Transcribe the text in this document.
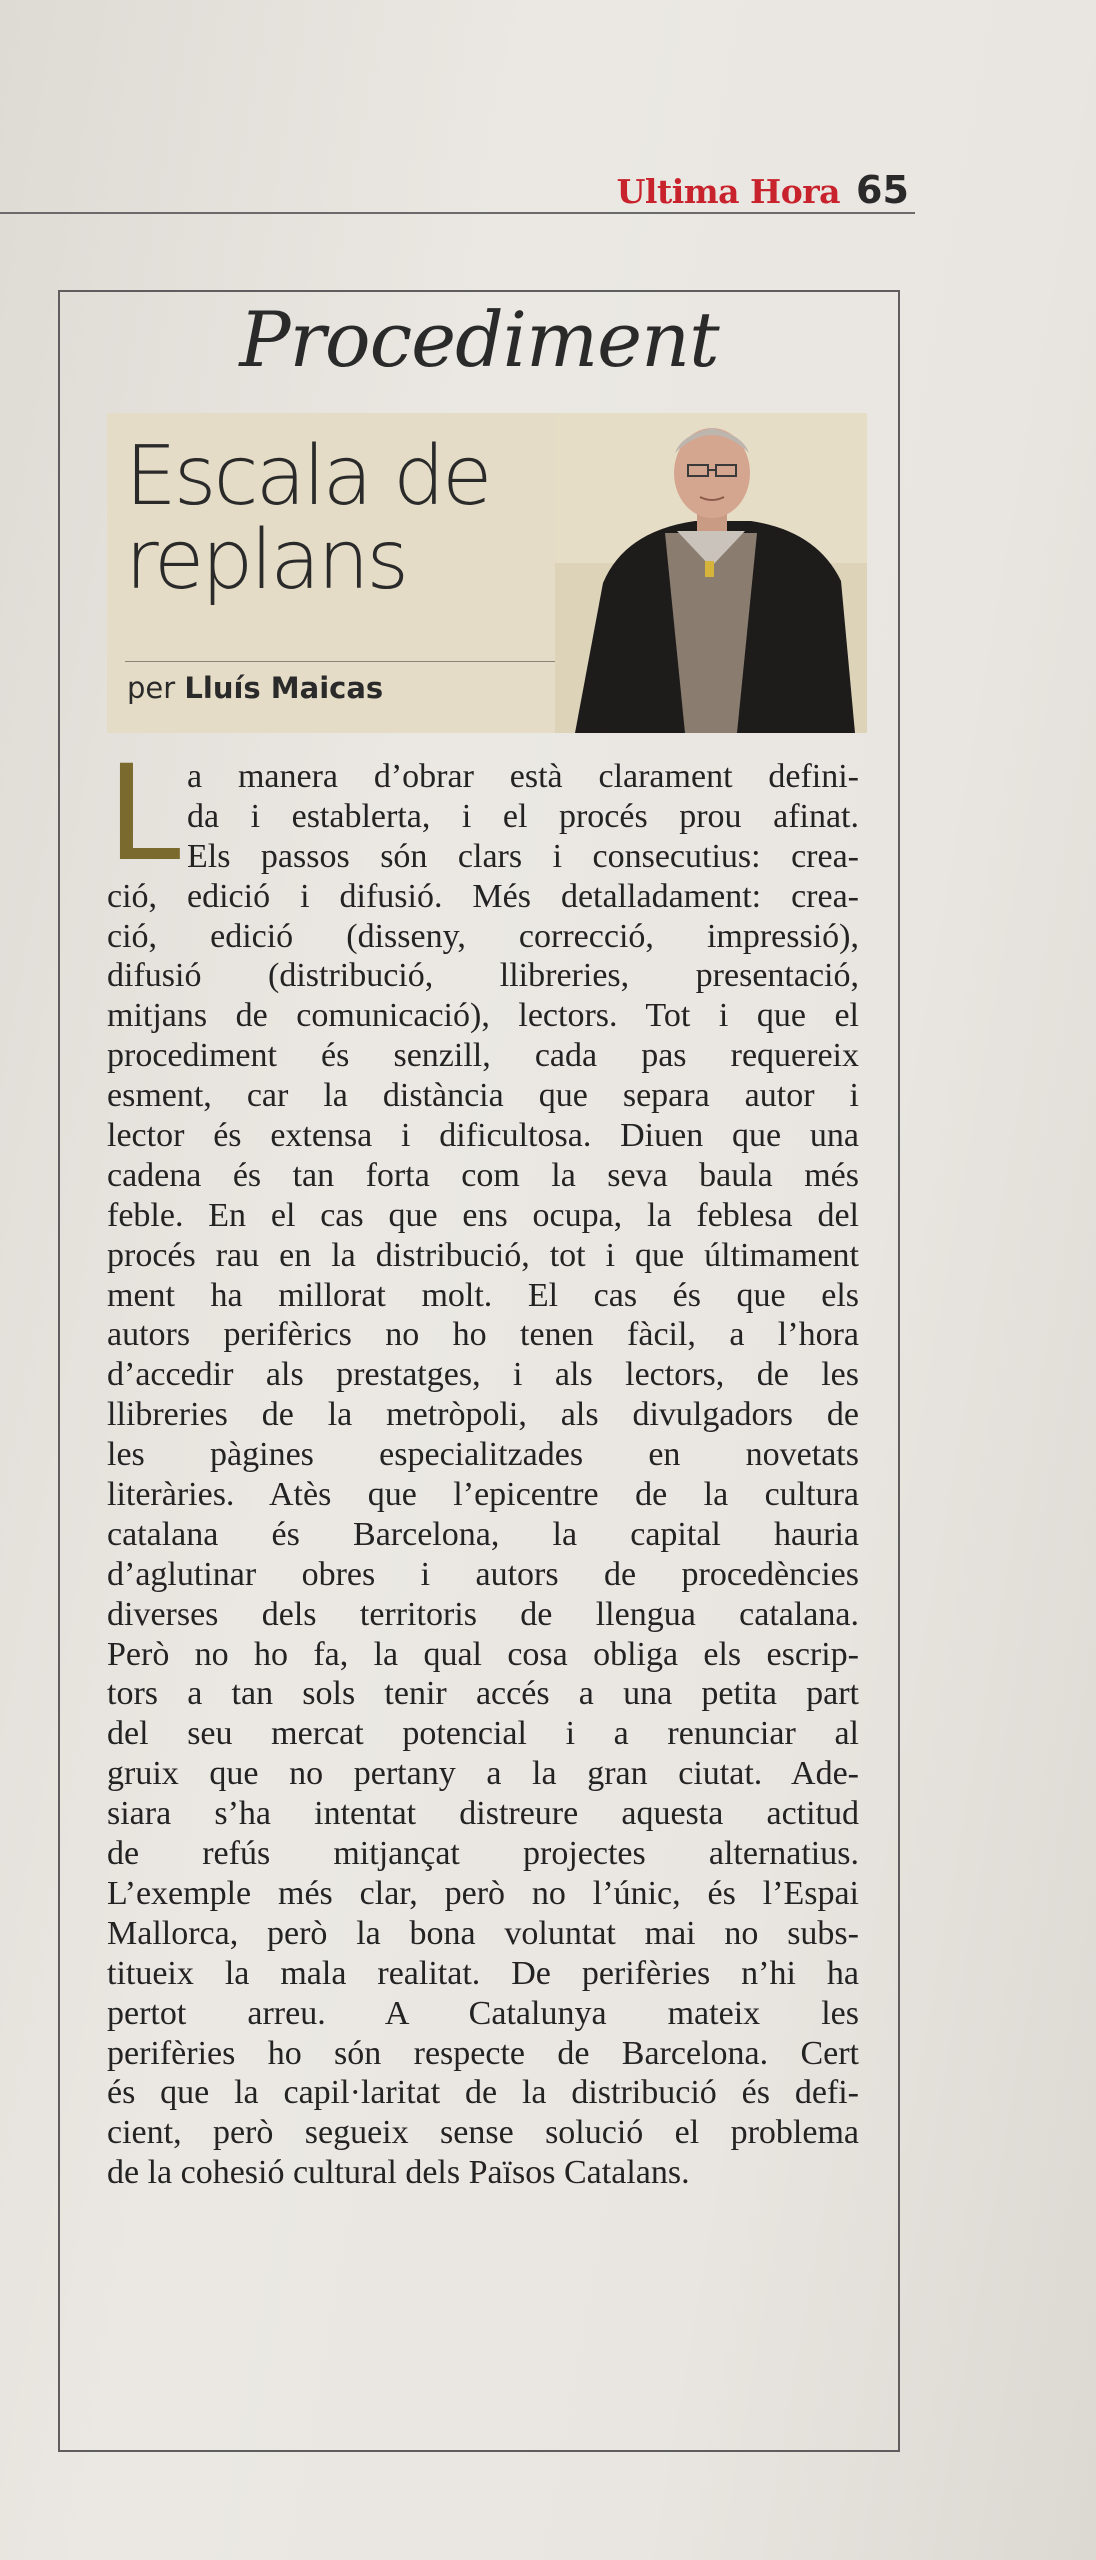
Ultima Hora 65
Procediment
Escala de
replans
per Lluís Maicas
L a manera d’obrar està clarament defini-
da i establerta, i el procés prou afinat.
Els passos són clars i consecutius: crea-
ció, edició i difusió. Més detalladament: crea-
ció, edició (disseny, correcció, impressió),
difusió (distribució, llibreries, presentació,
mitjans de comunicació), lectors. Tot i que el
procediment és senzill, cada pas requereix
esment, car la distància que separa autor i
lector és extensa i dificultosa. Diuen que una
cadena és tan forta com la seva baula més
feble. En el cas que ens ocupa, la feblesa del
procés rau en la distribució, tot i que últimament
ment ha millorat molt. El cas és que els
autors perifèrics no ho tenen fàcil, a l’hora
d’accedir als prestatges, i als lectors, de les
llibreries de la metròpoli, als divulgadors de
les pàgines especialitzades en novetats
literàries. Atès que l’epicentre de la cultura
catalana és Barcelona, la capital hauria
d’aglutinar obres i autors de procedències
diverses dels territoris de llengua catalana.
Però no ho fa, la qual cosa obliga els escrip-
tors a tan sols tenir accés a una petita part
del seu mercat potencial i a renunciar al
gruix que no pertany a la gran ciutat. Ade-
siara s’ha intentat distreure aquesta actitud
de refús mitjançat projectes alternatius.
L’exemple més clar, però no l’únic, és l’Espai
Mallorca, però la bona voluntat mai no subs-
titueix la mala realitat. De perifèries n’hi ha
pertot arreu. A Catalunya mateix les
perifèries ho són respecte de Barcelona. Cert
és que la capil·laritat de la distribució és defi-
cient, però segueix sense solució el problema
de la cohesió cultural dels Països Catalans.
